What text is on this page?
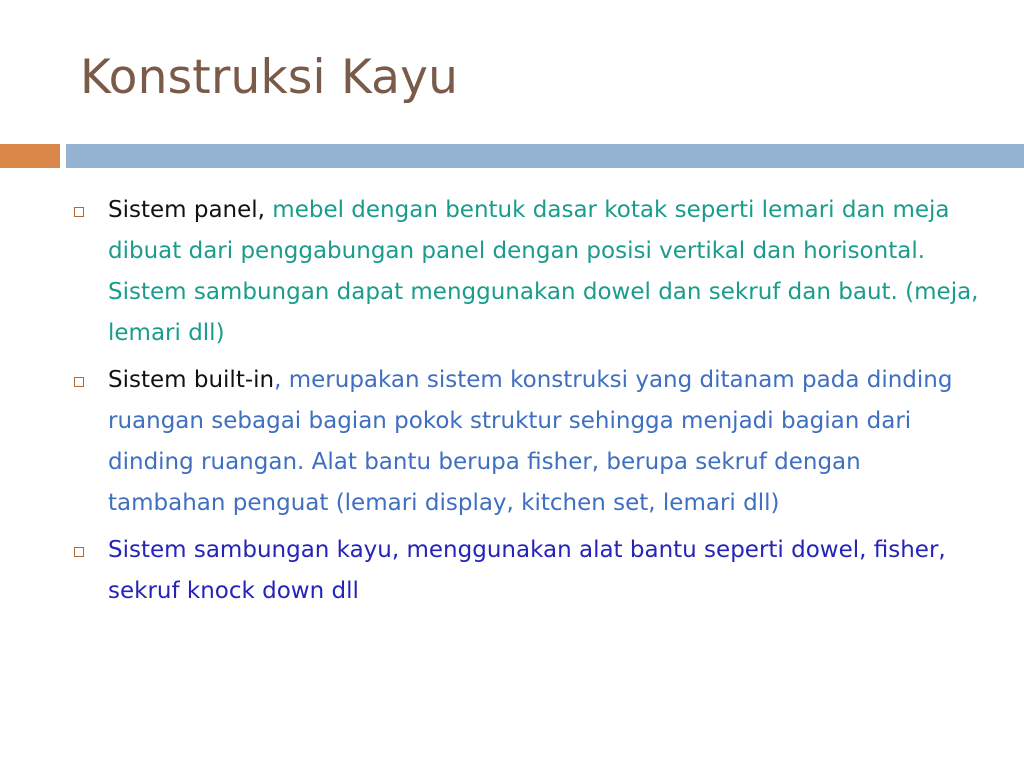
Konstruksi Kayu
Sistem panel, mebel dengan bentuk dasar kotak seperti lemari dan meja dibuat dari penggabungan panel dengan posisi vertikal dan horisontal. Sistem sambungan dapat menggunakan dowel dan sekruf dan baut. (meja, lemari dll)
Sistem built-in, merupakan sistem konstruksi yang ditanam pada dinding ruangan sebagai bagian pokok struktur sehingga menjadi bagian dari dinding ruangan. Alat bantu berupa fisher, berupa sekruf dengan tambahan penguat (lemari display, kitchen set, lemari dll)
Sistem sambungan kayu, menggunakan alat bantu seperti dowel, fisher, sekruf knock down dll
